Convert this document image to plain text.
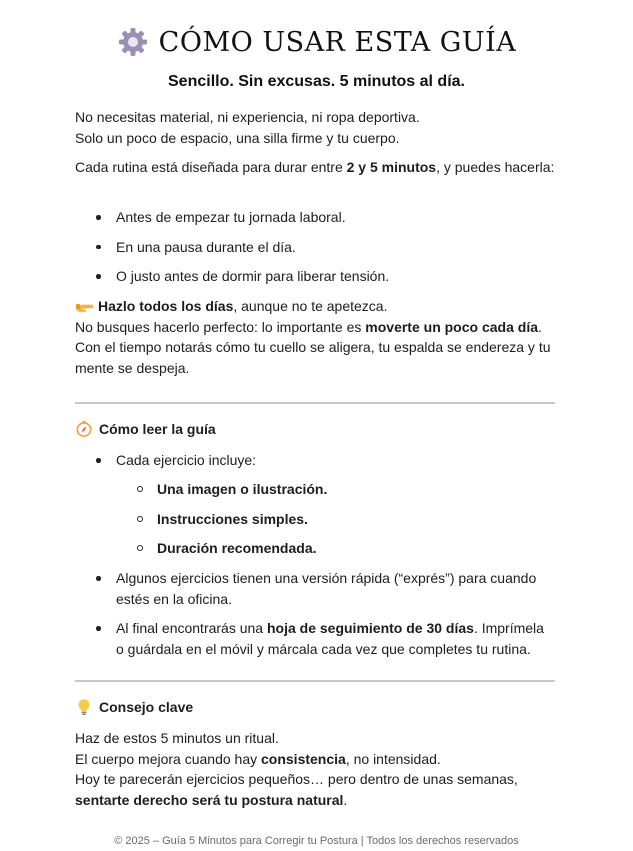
CÓMO USAR ESTA GUÍA
Sencillo. Sin excusas. 5 minutos al día.
No necesitas material, ni experiencia, ni ropa deportiva.
Solo un poco de espacio, una silla firme y tu cuerpo.
Cada rutina está diseñada para durar entre 2 y 5 minutos, y puedes hacerla:
Antes de empezar tu jornada laboral.
En una pausa durante el día.
O justo antes de dormir para liberar tensión.
Hazlo todos los días, aunque no te apetezca.
No busques hacerlo perfecto: lo importante es moverte un poco cada día.
Con el tiempo notarás cómo tu cuello se aligera, tu espalda se endereza y tu mente se despeja.
Cómo leer la guía
Cada ejercicio incluye:
Una imagen o ilustración.
Instrucciones simples.
Duración recomendada.
Algunos ejercicios tienen una versión rápida (“exprés”) para cuando estés en la oficina.
Al final encontrarás una hoja de seguimiento de 30 días. Imprímela o guárdala en el móvil y márcala cada vez que completes tu rutina.
Consejo clave
Haz de estos 5 minutos un ritual.
El cuerpo mejora cuando hay consistencia, no intensidad.
Hoy te parecerán ejercicios pequeños… pero dentro de unas semanas,
sentarte derecho será tu postura natural.
© 2025 – Guía 5 Minutos para Corregir tu Postura | Todos los derechos reservados
